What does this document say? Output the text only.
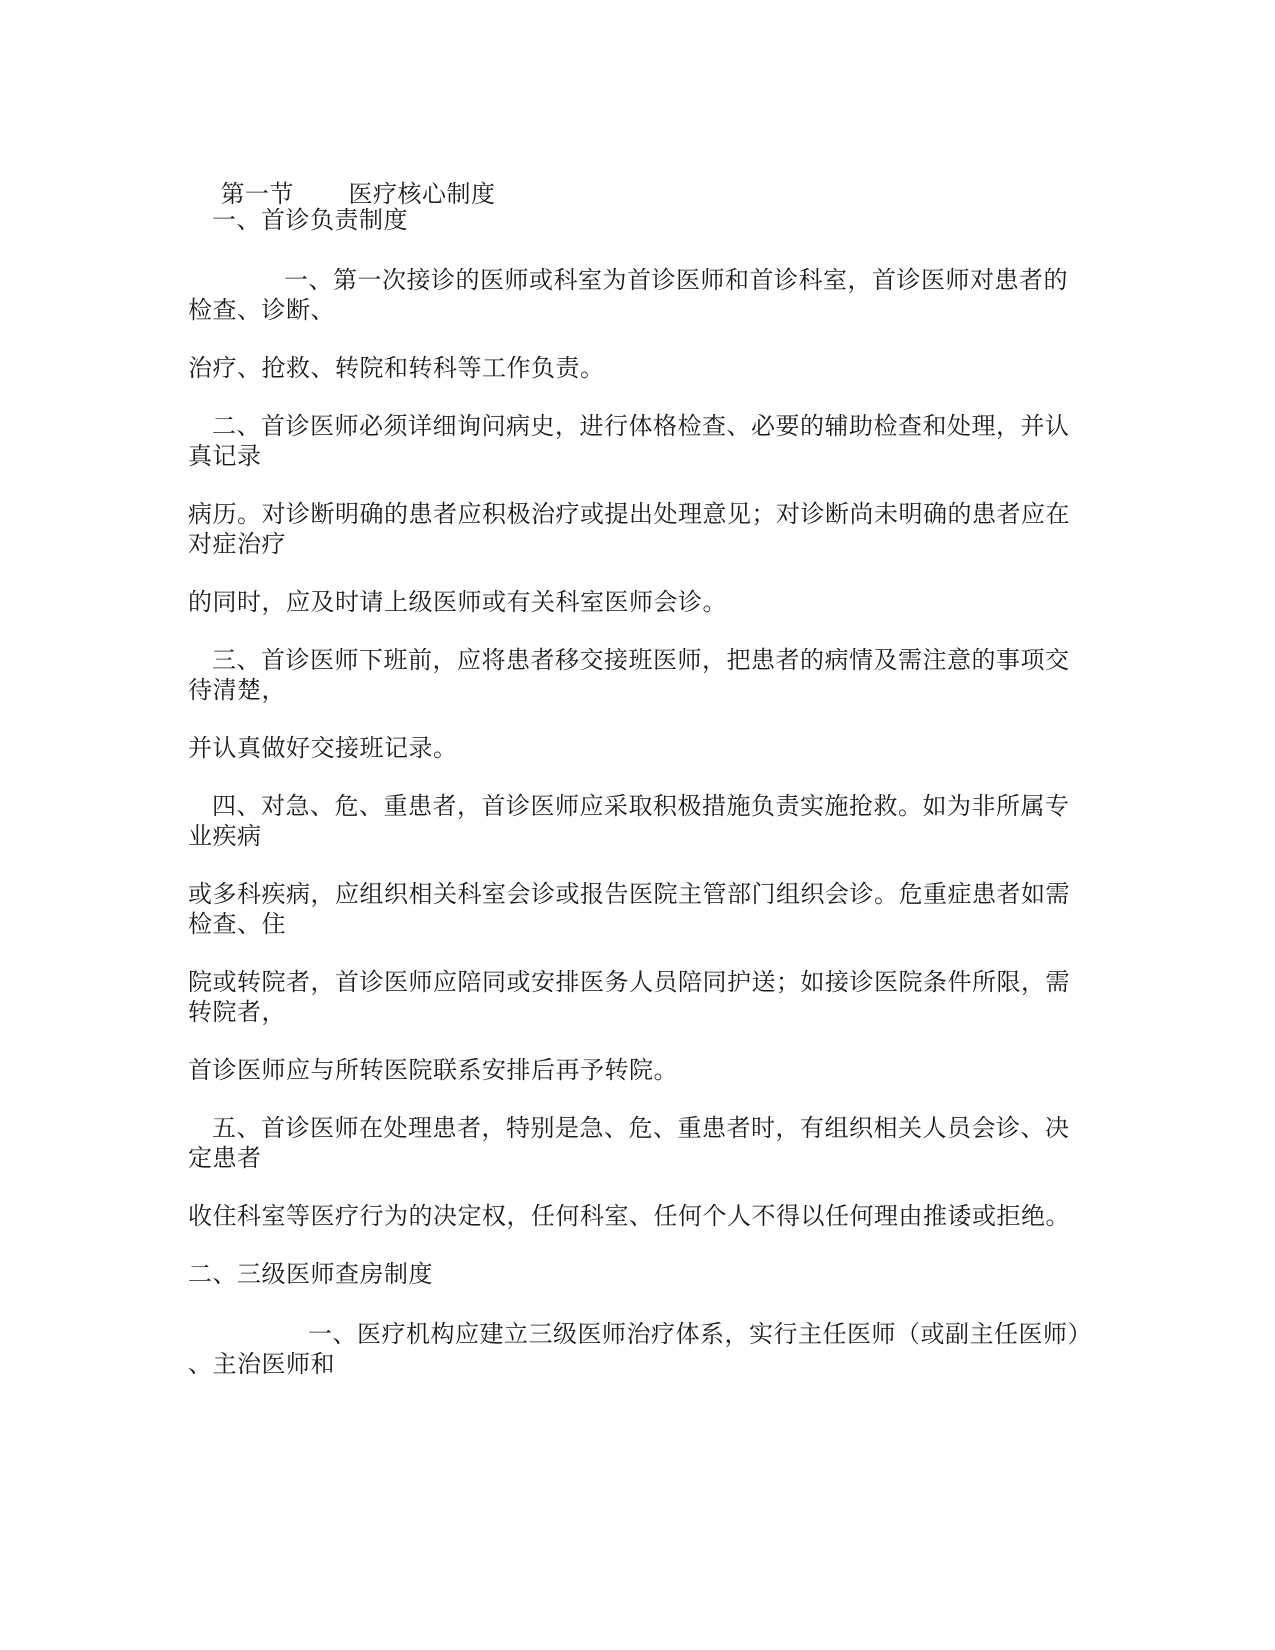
第一节 医疗核心制度

一、首诊负责制度
一、第一次接诊的医师或科室为首诊医师和首诊科室，首诊医师对患者的
检查、诊断、
治疗、抢救、转院和转科等工作负责。
二、首诊医师必须详细询问病史，进行体格检查、必要的辅助检查和处理，并认
真记录
病历。对诊断明确的患者应积极治疗或提出处理意见；对诊断尚未明确的患者应在
对症治疗
的同时，应及时请上级医师或有关科室医师会诊。
三、首诊医师下班前，应将患者移交接班医师，把患者的病情及需注意的事项交
待清楚，
并认真做好交接班记录。
四、对急、危、重患者，首诊医师应采取积极措施负责实施抢救。如为非所属专
业疾病
或多科疾病，应组织相关科室会诊或报告医院主管部门组织会诊。危重症患者如需
检查、住
院或转院者，首诊医师应陪同或安排医务人员陪同护送；如接诊医院条件所限，需
转院者，
首诊医师应与所转医院联系安排后再予转院。
五、首诊医师在处理患者，特别是急、危、重患者时，有组织相关人员会诊、决
定患者
收住科室等医疗行为的决定权，任何科室、任何个人不得以任何理由推诿或拒绝。
二、三级医师查房制度
一、医疗机构应建立三级医师治疗体系，实行主任医师（或副主任医师）
、主治医师和
